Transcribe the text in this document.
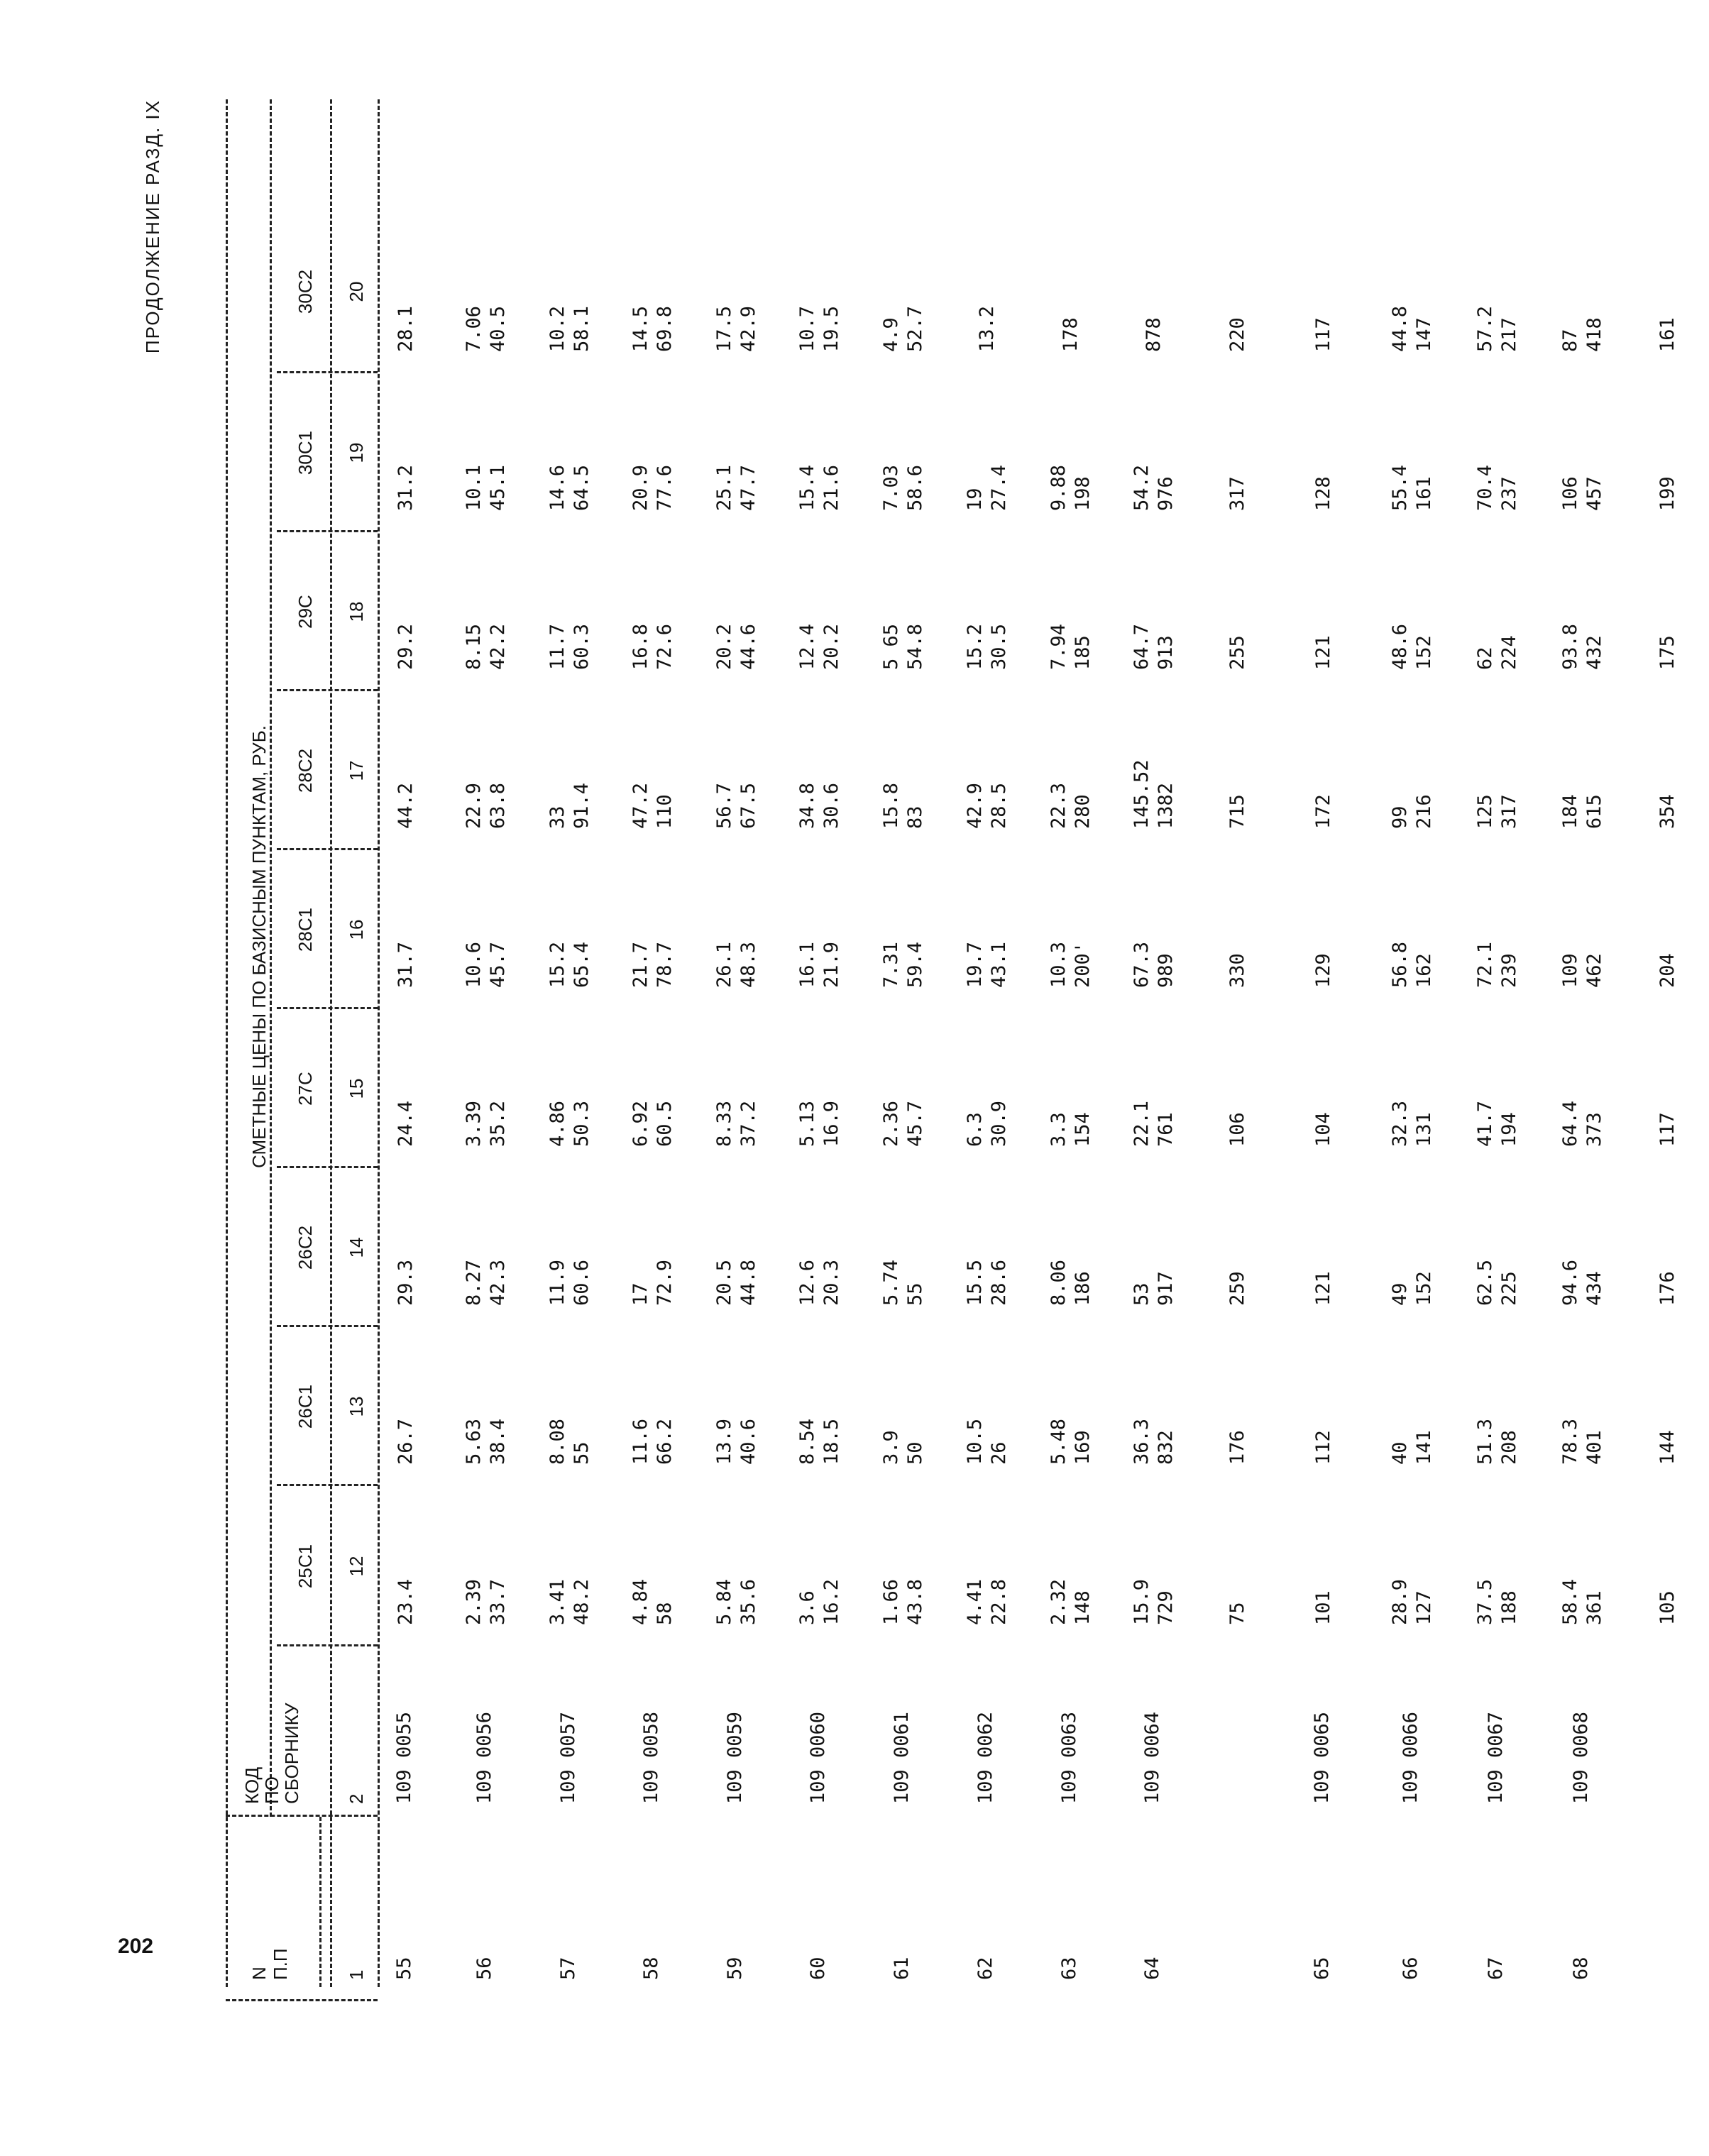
202
ПРОДОЛЖЕНИЕ РАЗД. IX
N П.П
КОД
ПО
СБОРНИКУ
СМЕТНЫЕ ЦЕНЫ ПО БАЗИСНЫМ ПУНКТАМ, РУБ.
25С1
26С1
26С2
27С
28С1
28С2
29С
30С1
30С2
1
2
12
13
14
15
16
17
18
19
20
55
109 0055
23.4
26.7
29.3
24.4
31.7
44.2
29.2
31.2
28.1
56
109 0056
2.39 33.7
5.63 38.4
8.27 42.3
3.39 35.2
10.6 45.7
22.9 63.8
8.15 42.2
10.1 45.1
7.06 40.5
57
109 0057
3.41 48.2
8.08 55
11.9 60.6
4.86 50.3
15.2 65.4
33 91.4
11.7 60.3
14.6 64.5
10.2 58.1
58
109 0058
4.84 58
11.6 66.2
17 72.9
6.92 60.5
21.7 78.7
47.2 110
16.8 72.6
20.9 77.6
14.5 69.8
59
109 0059
5.84 35.6
13.9 40.6
20.5 44.8
8.33 37.2
26.1 48.3
56.7 67.5
20.2 44.6
25.1 47.7
17.5 42.9
60
109 0060
3.6 16.2
8.54 18.5
12.6 20.3
5.13 16.9
16.1 21.9
34.8 30.6
12.4 20.2
15.4 21.6
10.7 19.5
61
109 0061
1.66 43.8
3.9 50
5.74 55
2.36 45.7
7.31 59.4
15.8 83
5 65 54.8
7.03 58.6
4.9 52.7
62
109 0062
4.41 22.8
10.5 26
15.5 28.6
6.3 30.9
19.7 43.1
42.9 28.5
15.2 30.5
19 27.4
13.2
63
109 0063
2.32 148
5.48 169
8.06 186
3.3 154
10.3 200'
22.3 280
7.94 185
9.88 198
178
64
109 0064
15.9 729
36.3 832
53 917
22.1 761
67.3 989
145.52 1382
64.7 913
54.2 976
878
75
176
259
106
330
715
255
317
220
65
109 0065
101
112
121
104
129
172
121
128
117
66
109 0066
28.9 127
40 141
49 152
32.3 131
56.8 162
99 216
48.6 152
55.4 161
44.8 147
67
109 0067
37.5 188
51.3 208
62.5 225
41.7 194
72.1 239
125 317
62 224
70.4 237
57.2 217
68
109 0068
58.4 361
78.3 401
94.6 434
64.4 373
109 462
184 615
93.8 432
106 457
87 418
105
144
176
117
204
354
175
199
161
